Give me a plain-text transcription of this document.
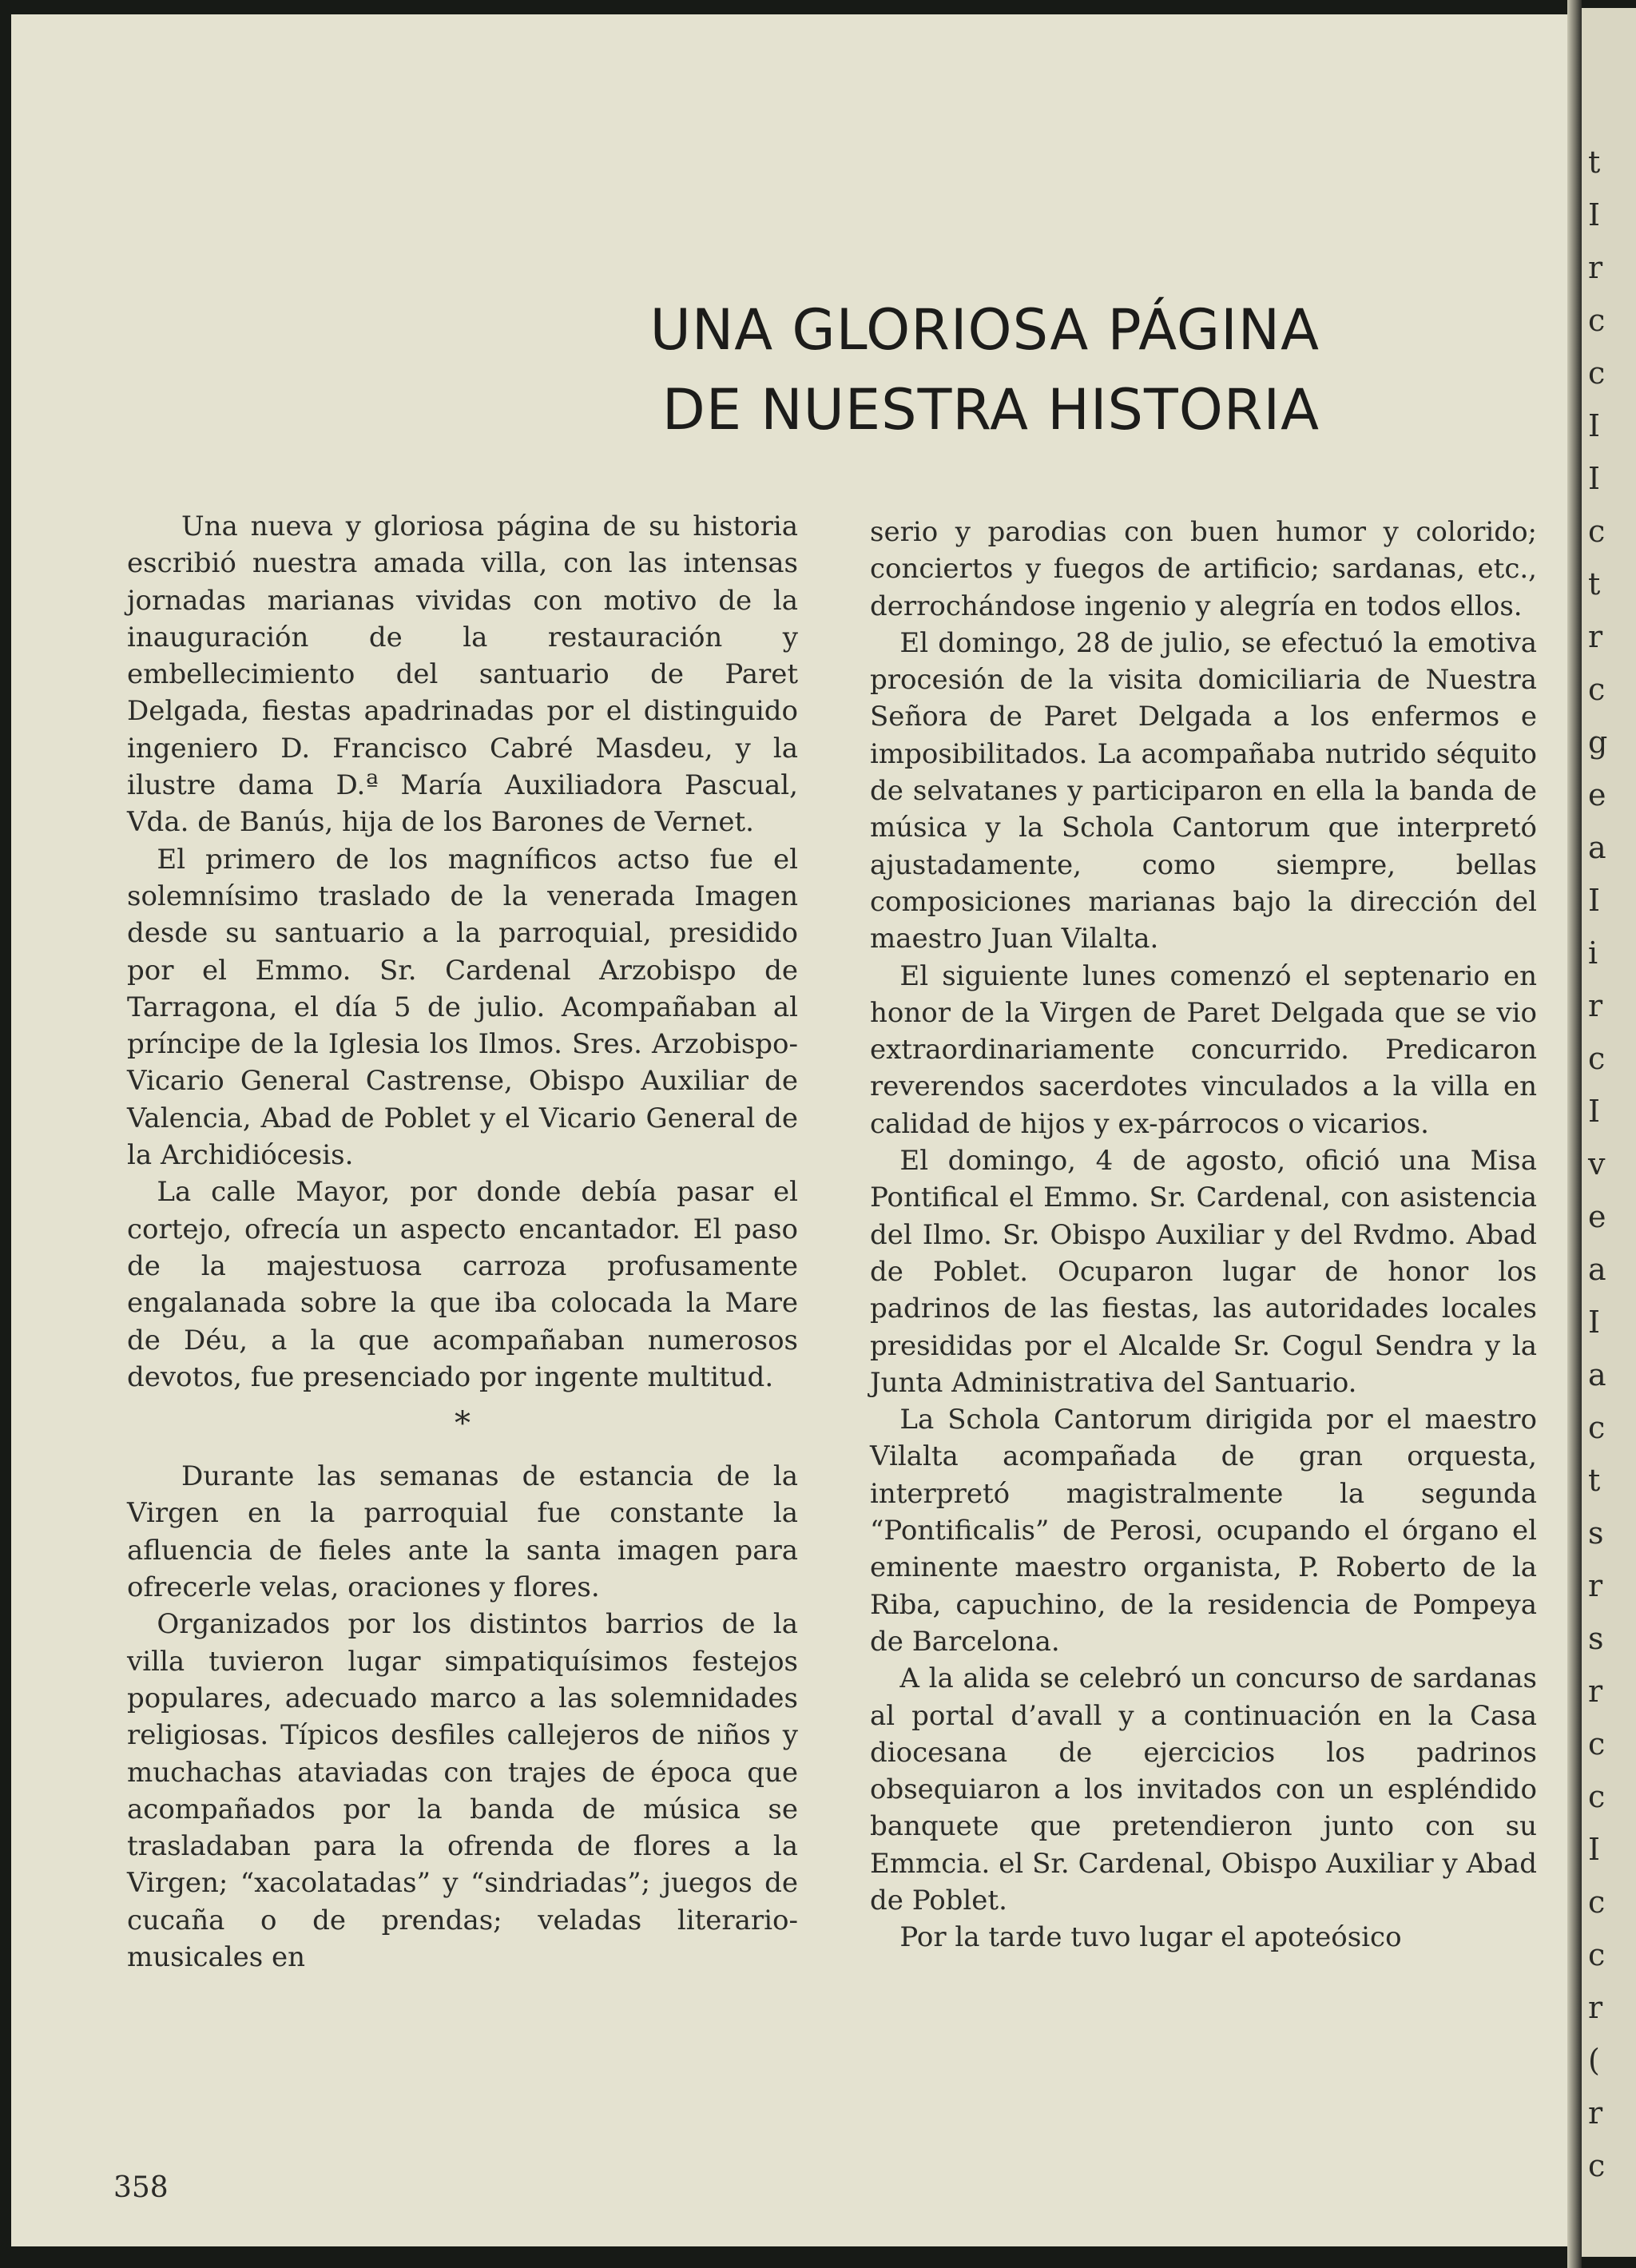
UNA GLORIOSA PÁGINA
DE NUESTRA HISTORIA

Una nueva y gloriosa página de su historia escribió nuestra amada villa, con las intensas jornadas marianas vividas con motivo de la inauguración de la restauración y embellecimiento del santuario de Paret Delgada, fiestas apadrinadas por el distinguido ingeniero D. Francisco Cabré Masdeu, y la ilustre dama D.ª María Auxiliadora Pascual, Vda. de Banús, hija de los Barones de Vernet.

El primero de los magníficos actso fue el solemnísimo traslado de la venerada Imagen desde su santuario a la parroquial, presidido por el Emmo. Sr. Cardenal Arzobispo de Tarragona, el día 5 de julio. Acompañaban al príncipe de la Iglesia los Ilmos. Sres. Arzobispo-Vicario General Castrense, Obispo Auxiliar de Valencia, Abad de Poblet y el Vicario General de la Archidiócesis.

La calle Mayor, por donde debía pasar el cortejo, ofrecía un aspecto encantador. El paso de la majestuosa carroza profusamente engalanada sobre la que iba colocada la Mare de Déu, a la que acompañaban numerosos devotos, fue presenciado por ingente multitud.

*

Durante las semanas de estancia de la Virgen en la parroquial fue constante la afluencia de fieles ante la santa imagen para ofrecerle velas, oraciones y flores.

Organizados por los distintos barrios de la villa tuvieron lugar simpatiquísimos festejos populares, adecuado marco a las solemnidades religiosas. Típicos desfiles callejeros de niños y muchachas ataviadas con trajes de época que acompañados por la banda de música se trasladaban para la ofrenda de flores a la Virgen; “xacolatadas” y “sindriadas”; juegos de cucaña o de prendas; veladas literario-musicales en

serio y parodias con buen humor y colorido; conciertos y fuegos de artificio; sardanas, etc., derrochándose ingenio y alegría en todos ellos.

El domingo, 28 de julio, se efectuó la emotiva procesión de la visita domiciliaria de Nuestra Señora de Paret Delgada a los enfermos e imposibilitados. La acompañaba nutrido séquito de selvatanes y participaron en ella la banda de música y la Schola Cantorum que interpretó ajustadamente, como siempre, bellas composiciones marianas bajo la dirección del maestro Juan Vilalta.

El siguiente lunes comenzó el septenario en honor de la Virgen de Paret Delgada que se vio extraordinariamente concurrido. Predicaron reverendos sacerdotes vinculados a la villa en calidad de hijos y ex-párrocos o vicarios.

El domingo, 4 de agosto, ofició una Misa Pontifical el Emmo. Sr. Cardenal, con asistencia del Ilmo. Sr. Obispo Auxiliar y del Rvdmo. Abad de Poblet. Ocuparon lugar de honor los padrinos de las fiestas, las autoridades locales presididas por el Alcalde Sr. Cogul Sendra y la Junta Administrativa del Santuario.

La Schola Cantorum dirigida por el maestro Vilalta acompañada de gran orquesta, interpretó magistralmente la segunda “Pontificalis” de Perosi, ocupando el órgano el eminente maestro organista, P. Roberto de la Riba, capuchino, de la residencia de Pompeya de Barcelona.

A la alida se celebró un concurso de sardanas al portal d’avall y a continuación en la Casa diocesana de ejercicios los padrinos obsequiaron a los invitados con un espléndido banquete que pretendieron junto con su Emmcia. el Sr. Cardenal, Obispo Auxiliar y Abad de Poblet.

Por la tarde tuvo lugar el apoteósico

358
t
I
r
c
c
I
I
c
t
r
c
g
e
a
I
i
r
c
I
v
e
a
I
a
c
t
s
r
s
r
c
c
I
c
c
r
(
r
c
